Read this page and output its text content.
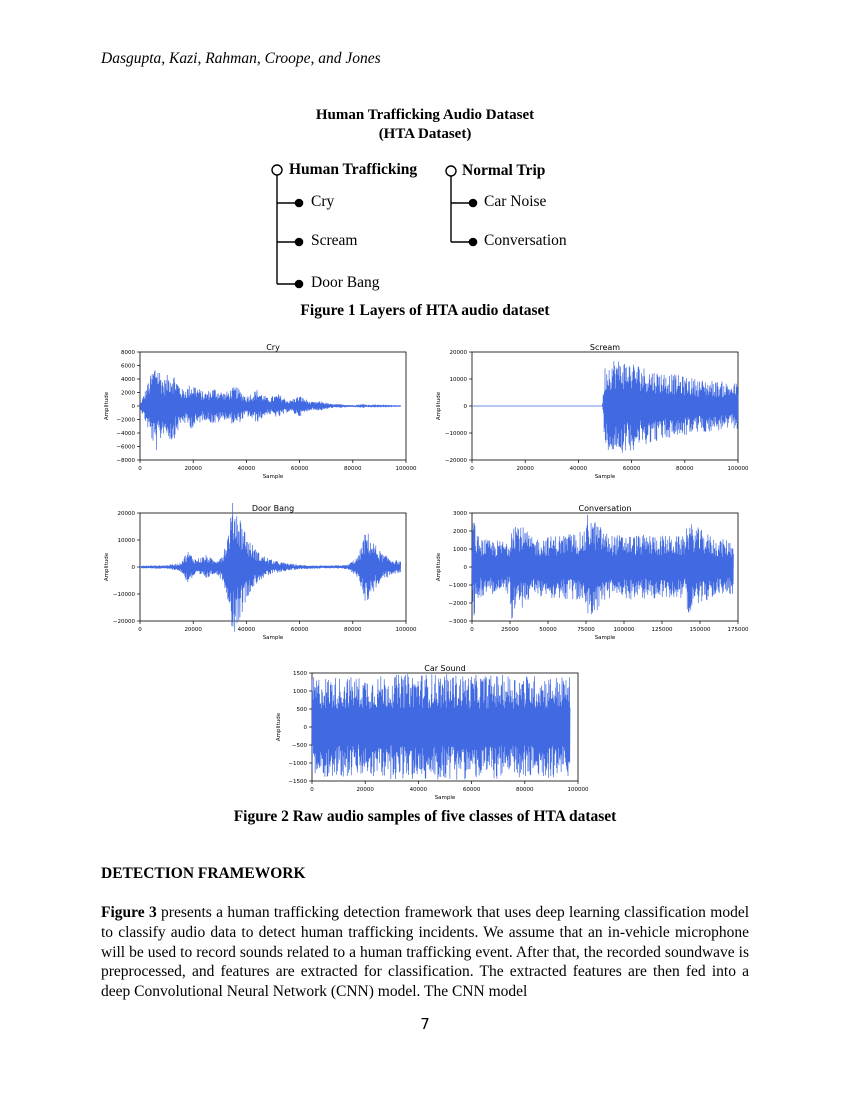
Dasgupta, Kazi, Rahman, Croope, and Jones
Human Trafficking Audio Dataset
(HTA Dataset)
Human Trafficking	Normal Trip
Cry
Scream
Door Bang
Car Noise
Conversation
Figure 1 Layers of HTA audio dataset
Cry
0	20000	40000	60000	80000	100000
8000
6000
4000
2000
0
−2000
−4000
−6000
−8000
Sample
Amplitude
Scream
0	20000	40000	60000	80000	100000
20000
10000
0
−10000
−20000
Sample
Amplitude
Door Bang
0	20000	40000	60000	80000	100000
20000
10000
0
−10000
−20000
Sample
Amplitude
Conversation
0	25000	50000	75000	100000	125000	150000	175000
3000
2000
1000
0
−1000
−2000
−3000
Sample
Amplitude
Car Sound
0	20000	40000	60000	80000	100000
1500
1000
500
0
−500
−1000
−1500
Sample
Amplitude
Figure 2 Raw audio samples of five classes of HTA dataset
DETECTION FRAMEWORK
Figure 3 presents a human trafficking detection framework that uses deep learning classification model to classify audio data to detect human trafficking incidents. We assume that an in-vehicle microphone will be used to record sounds related to a human trafficking event. After that, the recorded soundwave is preprocessed, and features are extracted for classification. The extracted features are then fed into a deep Convolutional Neural Network (CNN) model. The CNN model
7
